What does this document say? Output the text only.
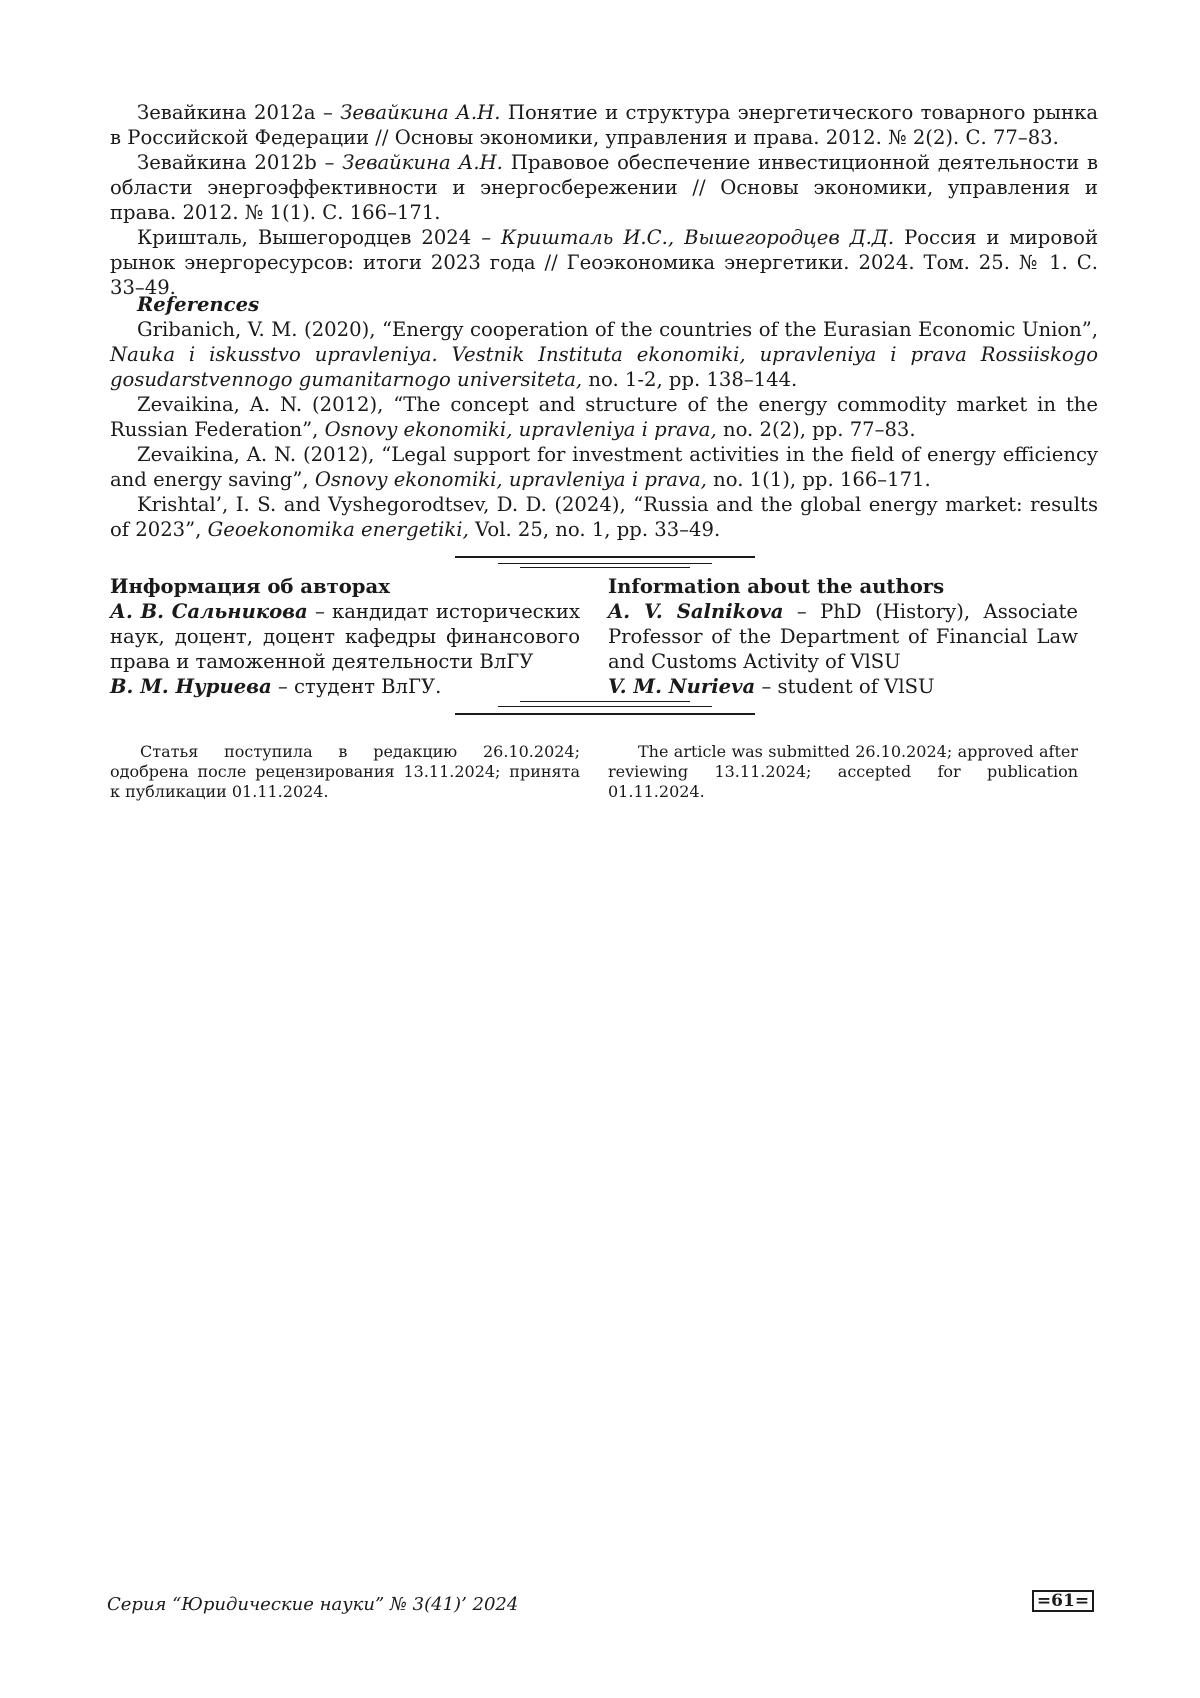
Зевайкина 2012a – Зевайкина А.Н. Понятие и структура энергетического товарного рынка в Российской Федерации // Основы экономики, управления и права. 2012. № 2(2). С. 77–83.

Зевайкина 2012b – Зевайкина А.Н. Правовое обеспечение инвестиционной деятельности в области энергоэффективности и энергосбережении // Основы экономики, управления и права. 2012. № 1(1). С. 166–171.

Кришталь, Вышегородцев 2024 – Кришталь И.С., Вышегородцев Д.Д. Россия и мировой рынок энергоресурсов: итоги 2023 года // Геоэкономика энергетики. 2024. Том. 25. № 1. С. 33–49.

References

Gribanich, V. M. (2020), “Energy cooperation of the countries of the Eurasian Economic Union”, Nauka i iskusstvo upravleniya. Vestnik Instituta ekonomiki, upravleniya i prava Rossiiskogo gosudarstvennogo gumanitarnogo universiteta, no. 1-2, pp. 138–144.

Zevaikina, A. N. (2012), “The concept and structure of the energy commodity market in the Russian Federation”, Osnovy ekonomiki, upravleniya i prava, no. 2(2), pp. 77–83.

Zevaikina, A. N. (2012), “Legal support for investment activities in the field of energy efficiency and energy saving”, Osnovy ekonomiki, upravleniya i prava, no. 1(1), pp. 166–171.

Krishtal’, I. S. and Vyshegorodtsev, D. D. (2024), “Russia and the global energy market: results of 2023”, Geoekonomika energetiki, Vol. 25, no. 1, pp. 33–49.

Информация об авторах

А. В. Сальникова – кандидат исторических наук, доцент, доцент кафедры финансового права и таможенной деятельности ВлГУ

В. М. Нуриева – студент ВлГУ.

Information about the authors

A. V. Salnikova – PhD (History), Associate Professor of the Department of Financial Law and Customs Activity of VlSU

V. M. Nurieva – student of VlSU

Статья поступила в редакцию 26.10.2024; одобрена после рецензирования 13.11.2024; принята к публикации 01.11.2024.

The article was submitted 26.10.2024; approved after reviewing 13.11.2024; accepted for publication 01.11.2024.

Серия “Юридические науки” № 3(41)’ 2024	=61=
